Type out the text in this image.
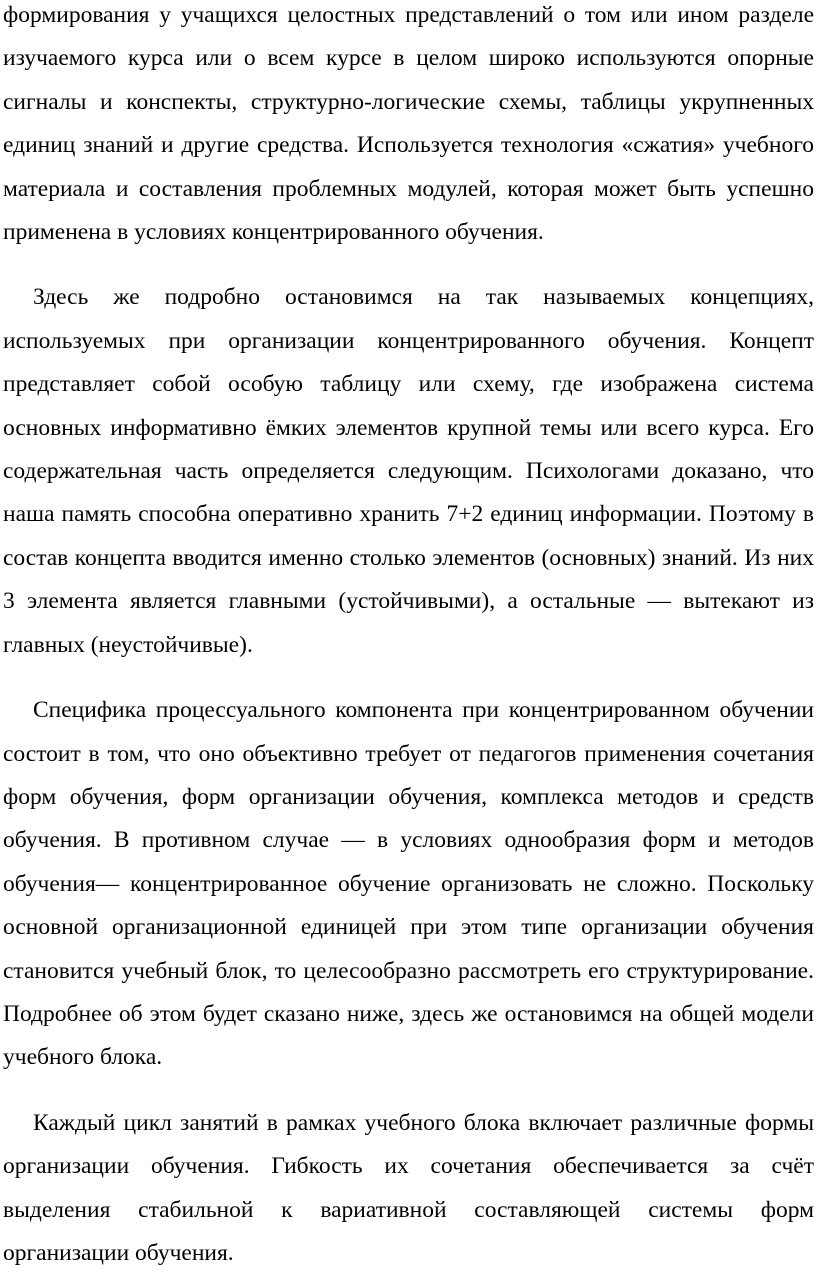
формирования у учащихся целостных представлений о том или ином разделе изучаемого курса или о всем курсе в целом широко используются опорные сигналы и конспекты, структурно-логические схемы, таблицы укрупненных единиц знаний и другие средства. Используется технология «сжатия» учебного материала и составления проблемных модулей, которая может быть успешно применена в условиях концентрированного обучения.

Здесь же подробно остановимся на так называемых концепциях, используемых при организации концентрированного обучения. Концепт представляет собой особую таблицу или схему, где изображена система основных информативно ёмких элементов крупной темы или всего курса. Его содержательная часть определяется следующим. Психологами доказано, что наша память способна оперативно хранить 7+2 единиц информации. Поэтому в состав концепта вводится именно столько элементов (основных) знаний. Из них 3 элемента является главными (устойчивыми), а остальные — вытекают из главных (неустойчивые).

Специфика процессуального компонента при концентрированном обучении состоит в том, что оно объективно требует от педагогов применения сочетания форм обучения, форм организации обучения, комплекса методов и средств обучения. В противном случае — в условиях однообразия форм и методов обучения— концентрированное обучение организовать не сложно. Поскольку основной организационной единицей при этом типе организации обучения становится учебный блок, то целесообразно рассмотреть его структурирование. Подробнее об этом будет сказано ниже, здесь же остановимся на общей модели учебного блока.

Каждый цикл занятий в рамках учебного блока включает различные формы организации обучения. Гибкость их сочетания обеспечивается за счёт выделения стабильной к вариативной составляющей системы форм организации обучения.
